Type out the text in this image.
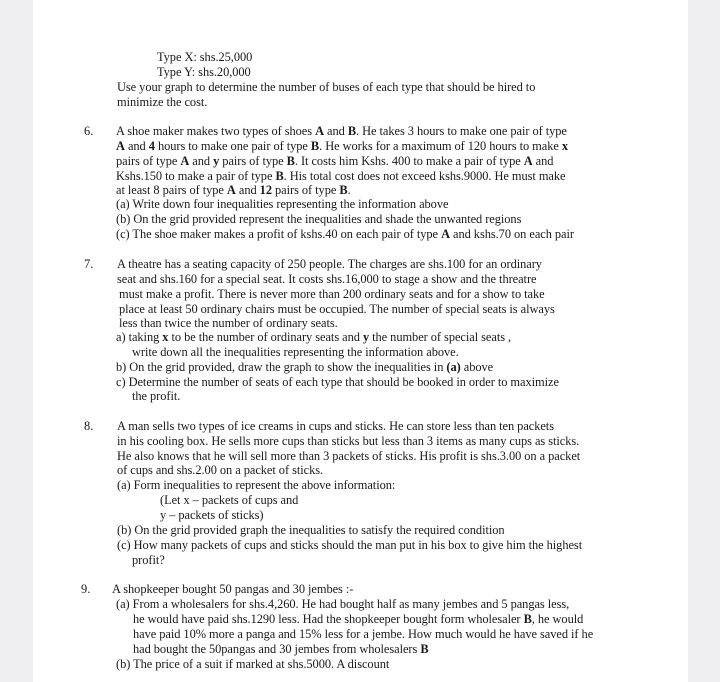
Type X: shs.25,000
Type Y: shs.20,000
Use your graph to determine the number of buses of each type that should be hired to
minimize the cost.
6. A shoe maker makes two types of shoes A and B. He takes 3 hours to make one pair of type
A and 4 hours to make one pair of type B. He works for a maximum of 120 hours to make x
pairs of type A and y pairs of type B. It costs him Kshs. 400 to make a pair of type A and
Kshs.150 to make a pair of type B. His total cost does not exceed kshs.9000. He must make
at least 8 pairs of type A and 12 pairs of type B.
(a) Write down four inequalities representing the information above
(b) On the grid provided represent the inequalities and shade the unwanted regions
(c) The shoe maker makes a profit of kshs.40 on each pair of type A and kshs.70 on each pair
7. A theatre has a seating capacity of 250 people. The charges are shs.100 for an ordinary
seat and shs.160 for a special seat. It costs shs.16,000 to stage a show and the threatre
must make a profit. There is never more than 200 ordinary seats and for a show to take
place at least 50 ordinary chairs must be occupied. The number of special seats is always
less than twice the number of ordinary seats.
a) taking x to be the number of ordinary seats and y the number of special seats ,
write down all the inequalities representing the information above.
b) On the grid provided, draw the graph to show the inequalities in (a) above
c) Determine the number of seats of each type that should be booked in order to maximize
the profit.
8. A man sells two types of ice creams in cups and sticks. He can store less than ten packets
in his cooling box. He sells more cups than sticks but less than 3 items as many cups as sticks.
He also knows that he will sell more than 3 packets of sticks. His profit is shs.3.00 on a packet
of cups and shs.2.00 on a packet of sticks.
(a) Form inequalities to represent the above information:
(Let x – packets of cups and
y – packets of sticks)
(b) On the grid provided graph the inequalities to satisfy the required condition
(c) How many packets of cups and sticks should the man put in his box to give him the highest
profit?
9. A shopkeeper bought 50 pangas and 30 jembes :-
(a) From a wholesalers for shs.4,260. He had bought half as many jembes and 5 pangas less,
he would have paid shs.1290 less. Had the shopkeeper bought form wholesaler B, he would
have paid 10% more a panga and 15% less for a jembe. How much would he have saved if he
had bought the 50pangas and 30 jembes from wholesalers B
(b) The price of a suit if marked at shs.5000. A discount
